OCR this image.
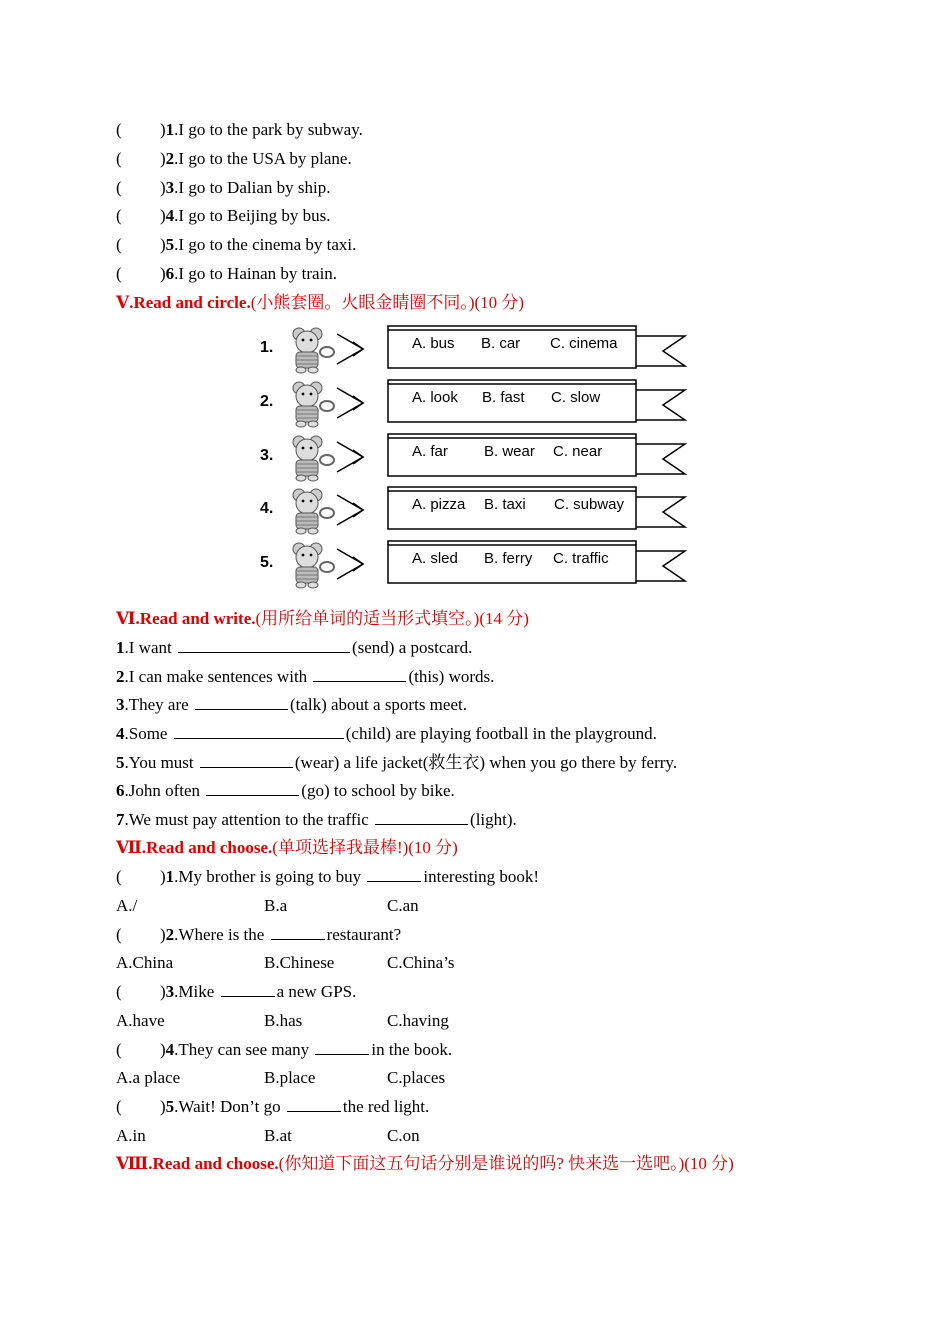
( )1.I go to the park by subway.
( )2.I go to the USA by plane.
( )3.I go to Dalian by ship.
( )4.I go to Beijing by bus.
( )5.I go to the cinema by taxi.
( )6.I go to Hainan by train.
Ⅴ.Read and circle.(小熊套圈。火眼金睛圈不同。)(10 分)
1.	A. bus B. car C. cinema
2.	A. look B. fast C. slow
3.	A. far B. wear C. near
4.	A. pizza B. taxi C. subway
5.	A. sled B. ferry C. traffic
Ⅵ.Read and write.(用所给单词的适当形式填空。)(14 分)
1.I want	(send) a postcard.
2.I can make sentences with	(this) words.
3.They are	(talk) about a sports meet.
4.Some	(child) are playing football in the playground.
5.You must	(wear) a life jacket(救生衣) when you go there by ferry.
6.John often	(go) to school by bike.
7.We must pay attention to the traffic	(light).
Ⅶ.Read and choose.(单项选择我最棒!)(10 分)
( )1.My brother is going to buy	interesting book!
A./	B.a	C.an
( )2.Where is the	restaurant?
A.China	B.Chinese	C.China’s
( )3.Mike	a new GPS.
A.have	B.has	C.having
( )4.They can see many	in the book.
A.a place	B.place	C.places
( )5.Wait! Don’t go	the red light.
A.in	B.at	C.on
Ⅷ.Read and choose.(你知道下面这五句话分别是谁说的吗? 快来选一选吧。)(10 分)
